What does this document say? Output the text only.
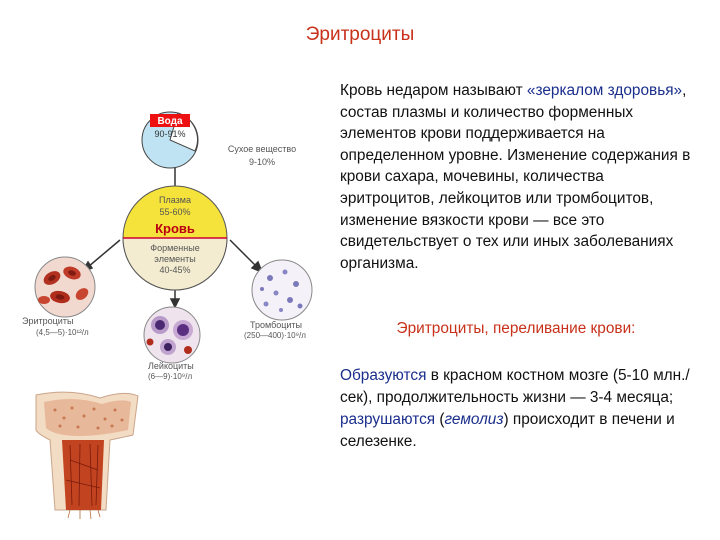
Эритроциты
Вода
90-91%
Сухое вещество
9-10%
Плазма
55-60%
Кровь
Форменные
элементы
40-45%
Эритроциты
(4,5—5)·10¹²/л
Тромбоциты
(250—400)·10⁹/л
Лейкоциты
(6—9)·10⁹/л
Кровь недаром называют «зеркалом здоровья», состав плазмы и количество форменных элементов крови поддерживается на определенном уровне. Изменение содержания в крови сахара, мочевины, количества эритроцитов, лейкоцитов или тромбоцитов, изменение вязкости крови — все это свидетельствует о тех или иных заболеваниях организма.
Эритроциты, переливание крови:
Образуются в красном костном мозге (5-10 млн./сек), продолжительность жизни — 3-4 месяца;
разрушаются (гемолиз) происходит в печени и селезенке.
